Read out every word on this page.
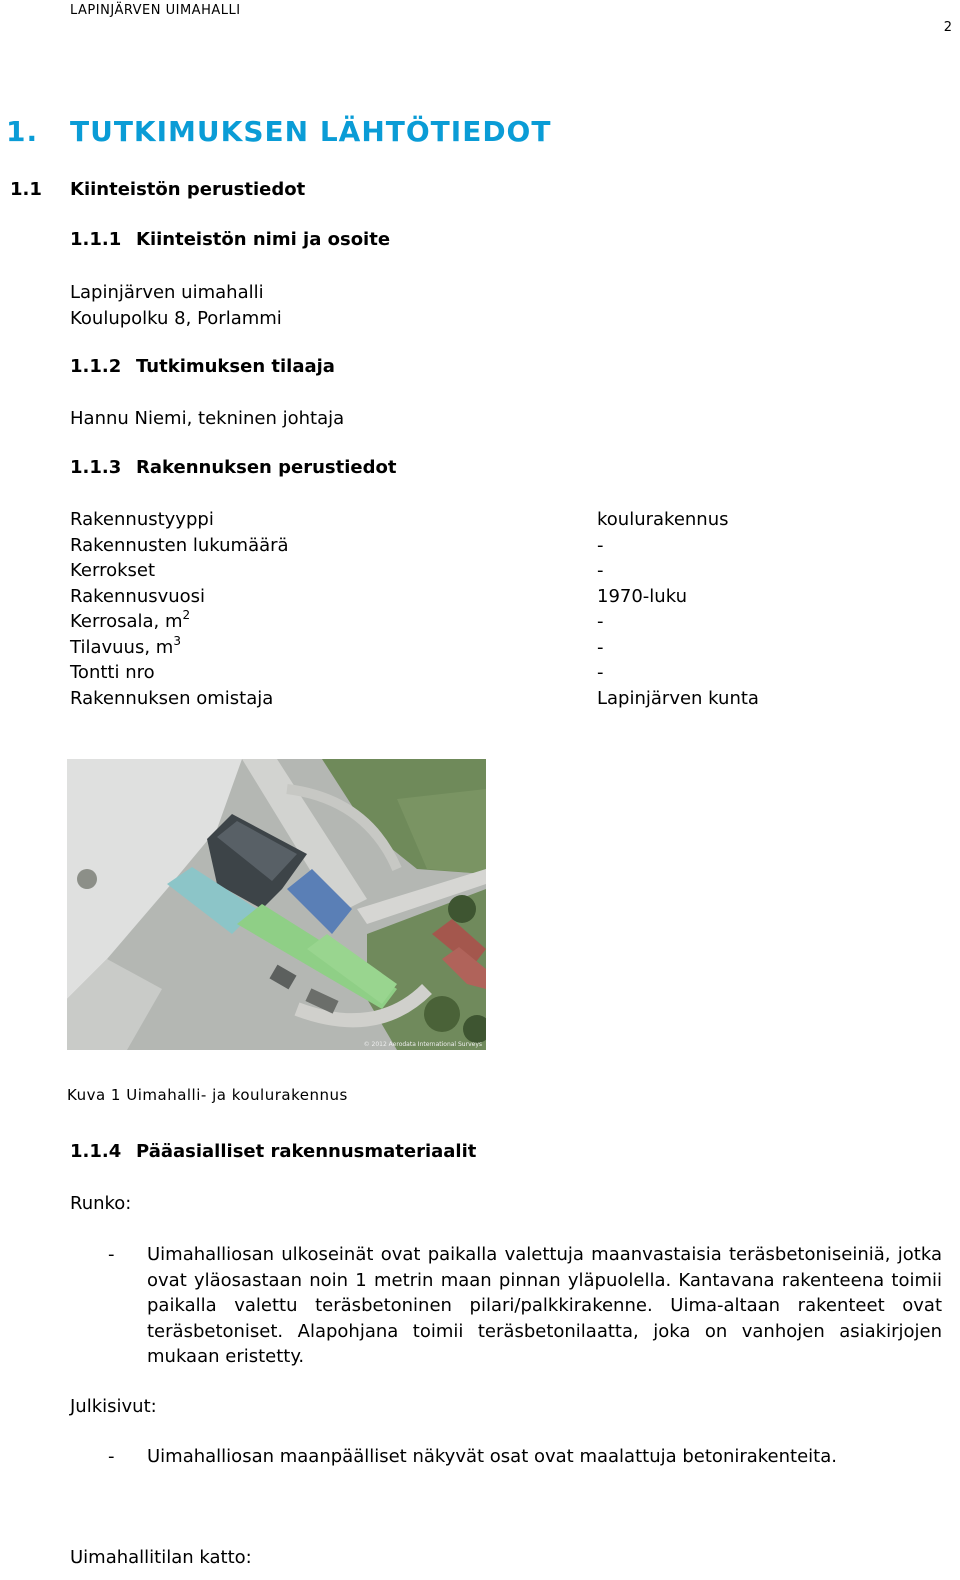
LAPINJÄRVEN UIMAHALLI
2
1. TUTKIMUKSEN LÄHTÖTIEDOT
1.1 Kiinteistön perustiedot
1.1.1 Kiinteistön nimi ja osoite
Lapinjärven uimahalli
Koulupolku 8, Porlammi
1.1.2 Tutkimuksen tilaaja
Hannu Niemi, tekninen johtaja
1.1.3 Rakennuksen perustiedot
Rakennustyyppi	koulurakennus
Rakennusten lukumäärä	-
Kerrokset	-
Rakennusvuosi	1970-luku
Kerrosala, $m^2$	-
Tilavuus, $m^3$	-
Tontti nro	-
Rakennuksen omistaja	Lapinjärven kunta
© 2012 Aerodata International Surveys
Kuva 1 Uimahalli- ja koulurakennus
1.1.4 Pääasialliset rakennusmateriaalit
Runko:
- Uimahalliosan ulkoseinät ovat paikalla valettuja maanvastaisia teräsbetoniseiniä, jotka ovat yläosastaan noin 1 metrin maan pinnan yläpuolella. Kantavana rakenteena toimii paikalla valettu teräsbetoninen pilari/palkkirakenne. Uima-altaan rakenteet ovat teräsbetoniset. Alapohjana toimii teräsbetonilaatta, joka on vanhojen asiakirjojen mukaan eristetty.
Julkisivut:
- Uimahalliosan maanpäälliset näkyvät osat ovat maalattuja betonirakenteita.
Uimahallitilan katto:
